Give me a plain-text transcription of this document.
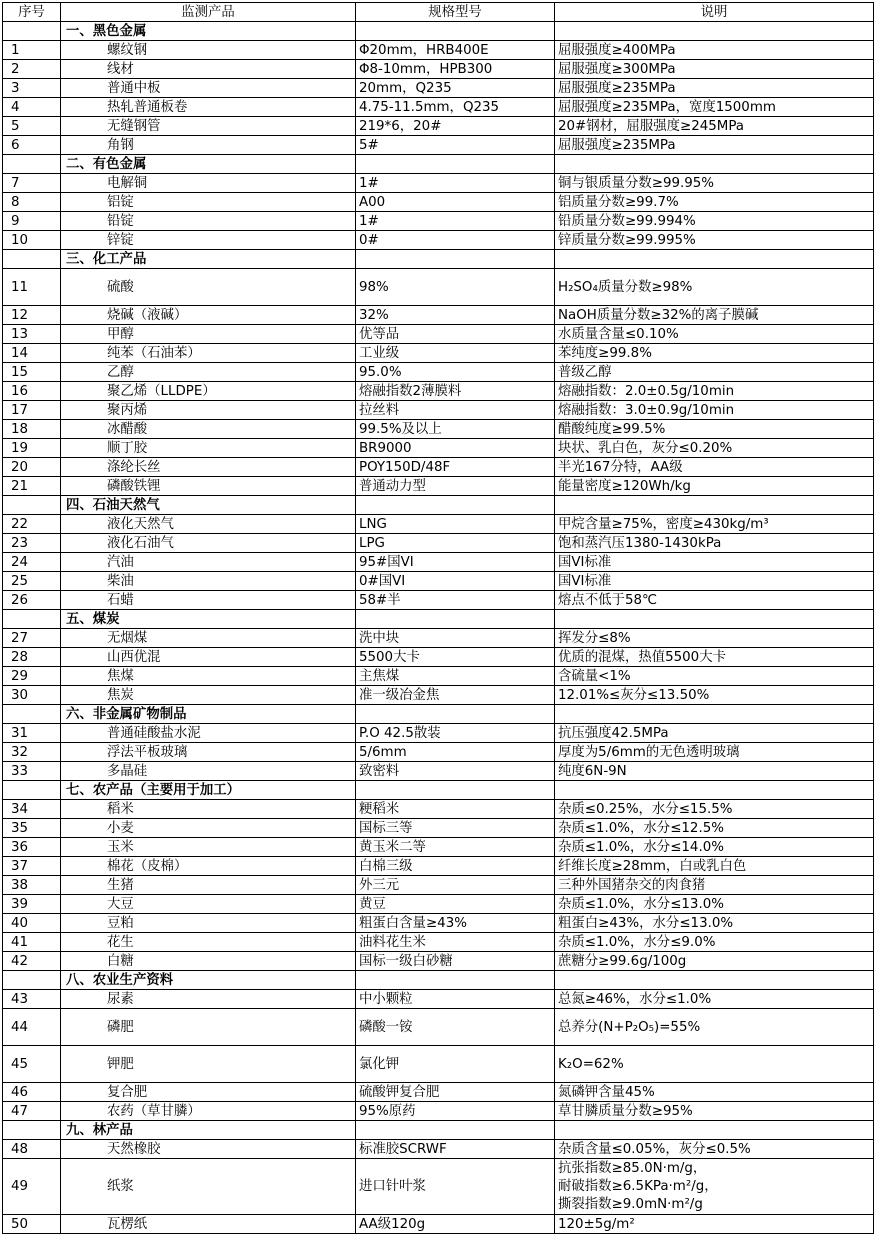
序号	监测产品	规格型号	说明
	一、黑色金属		
1	螺纹钢	Φ20mm，HRB400E	屈服强度≥400MPa
2	线材	Φ8-10mm，HPB300	屈服强度≥300MPa
3	普通中板	20mm，Q235	屈服强度≥235MPa
4	热轧普通板卷	4.75-11.5mm，Q235	屈服强度≥235MPa，宽度1500mm
5	无缝钢管	219*6，20#	20#钢材，屈服强度≥245MPa
6	角钢	5#	屈服强度≥235MPa
	二、有色金属		
7	电解铜	1#	铜与银质量分数≥99.95%
8	铝锭	A00	铝质量分数≥99.7%
9	铅锭	1#	铅质量分数≥99.994%
10	锌锭	0#	锌质量分数≥99.995%
	三、化工产品		
11	硫酸	98%	H₂SO₄质量分数≥98%
12	烧碱（液碱）	32%	NaOH质量分数≥32%的离子膜碱
13	甲醇	优等品	水质量含量≤0.10%
14	纯苯（石油苯）	工业级	苯纯度≥99.8%
15	乙醇	95.0%	普级乙醇
16	聚乙烯（LLDPE）	熔融指数2薄膜料	熔融指数：2.0±0.5g/10min
17	聚丙烯	拉丝料	熔融指数：3.0±0.9g/10min
18	冰醋酸	99.5%及以上	醋酸纯度≥99.5%
19	顺丁胶	BR9000	块状、乳白色，灰分≤0.20%
20	涤纶长丝	POY150D/48F	半光167分特，AA级
21	磷酸铁锂	普通动力型	能量密度≥120Wh/kg
	四、石油天然气		
22	液化天然气	LNG	甲烷含量≥75%，密度≥430kg/m³
23	液化石油气	LPG	饱和蒸汽压1380-1430kPa
24	汽油	95#国VI	国VI标准
25	柴油	0#国VI	国VI标准
26	石蜡	58#半	熔点不低于58℃
	五、煤炭		
27	无烟煤	洗中块	挥发分≤8%
28	山西优混	5500大卡	优质的混煤，热值5500大卡
29	焦煤	主焦煤	含硫量<1%
30	焦炭	准一级冶金焦	12.01%≤灰分≤13.50%
	六、非金属矿物制品		
31	普通硅酸盐水泥	P.O 42.5散装	抗压强度42.5MPa
32	浮法平板玻璃	5/6mm	厚度为5/6mm的无色透明玻璃
33	多晶硅	致密料	纯度6N-9N
	七、农产品（主要用于加工）		
34	稻米	粳稻米	杂质≤0.25%，水分≤15.5%
35	小麦	国标三等	杂质≤1.0%，水分≤12.5%
36	玉米	黄玉米二等	杂质≤1.0%，水分≤14.0%
37	棉花（皮棉）	白棉三级	纤维长度≥28mm，白或乳白色
38	生猪	外三元	三种外国猪杂交的肉食猪
39	大豆	黄豆	杂质≤1.0%，水分≤13.0%
40	豆粕	粗蛋白含量≥43%	粗蛋白≥43%，水分≤13.0%
41	花生	油料花生米	杂质≤1.0%，水分≤9.0%
42	白糖	国标一级白砂糖	蔗糖分≥99.6g/100g
	八、农业生产资料		
43	尿素	中小颗粒	总氮≥46%，水分≤1.0%
44	磷肥	磷酸一铵	总养分(N+P₂O₅)=55%
45	钾肥	氯化钾	K₂O=62%
46	复合肥	硫酸钾复合肥	氮磷钾含量45%
47	农药（草甘膦）	95%原药	草甘膦质量分数≥95%
	九、林产品		
48	天然橡胶	标准胶SCRWF	杂质含量≤0.05%，灰分≤0.5%
49	纸浆	进口针叶浆	抗张指数≥85.0N·m/g，
耐破指数≥6.5KPa·m²/g，
撕裂指数≥9.0mN·m²/g
50	瓦楞纸	AA级120g	120±5g/m²
